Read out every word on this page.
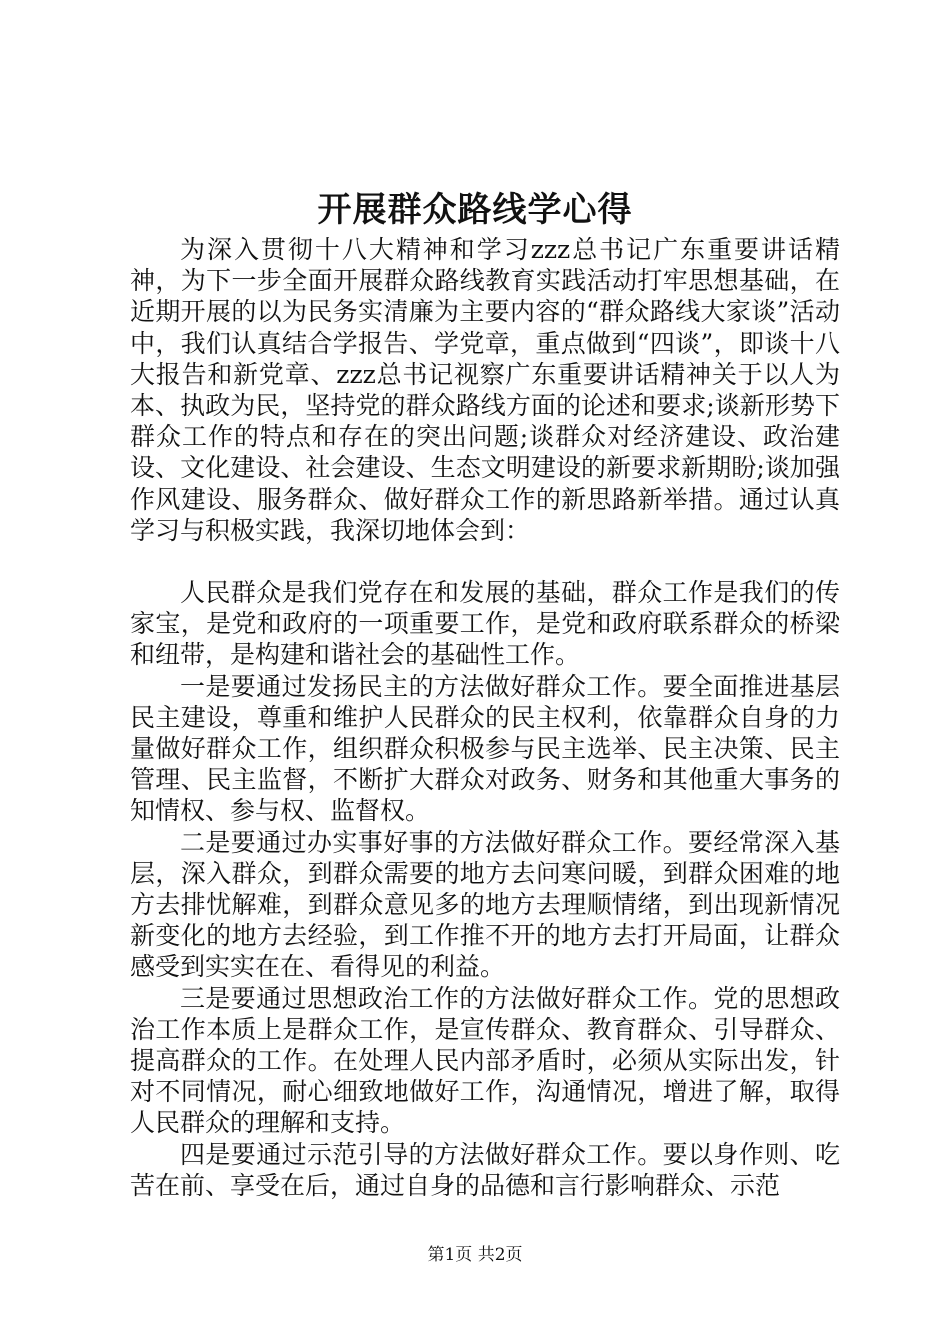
开展群众路线学心得

为深入贯彻十八大精神和学习zzz总书记广东重要讲话精神，为下一步全面开展群众路线教育实践活动打牢思想基础，在近期开展的以为民务实清廉为主要内容的“群众路线大家谈”活动中，我们认真结合学报告、学党章，重点做到“四谈”，即谈十八大报告和新党章、zzz总书记视察广东重要讲话精神关于以人为本、执政为民，坚持党的群众路线方面的论述和要求;谈新形势下群众工作的特点和存在的突出问题;谈群众对经济建设、政治建设、文化建设、社会建设、生态文明建设的新要求新期盼;谈加强作风建设、服务群众、做好群众工作的新思路新举措。通过认真学习与积极实践，我深切地体会到：

人民群众是我们党存在和发展的基础，群众工作是我们的传家宝，是党和政府的一项重要工作，是党和政府联系群众的桥梁和纽带，是构建和谐社会的基础性工作。

一是要通过发扬民主的方法做好群众工作。要全面推进基层民主建设，尊重和维护人民群众的民主权利，依靠群众自身的力量做好群众工作，组织群众积极参与民主选举、民主决策、民主管理、民主监督，不断扩大群众对政务、财务和其他重大事务的知情权、参与权、监督权。

二是要通过办实事好事的方法做好群众工作。要经常深入基层，深入群众，到群众需要的地方去问寒问暖，到群众困难的地方去排忧解难，到群众意见多的地方去理顺情绪，到出现新情况新变化的地方去经验，到工作推不开的地方去打开局面，让群众感受到实实在在、看得见的利益。

三是要通过思想政治工作的方法做好群众工作。党的思想政治工作本质上是群众工作，是宣传群众、教育群众、引导群众、提高群众的工作。在处理人民内部矛盾时，必须从实际出发，针对不同情况，耐心细致地做好工作，沟通情况，增进了解，取得人民群众的理解和支持。

四是要通过示范引导的方法做好群众工作。要以身作则、吃苦在前、享受在后，通过自身的品德和言行影响群众、示范

第1页 共2页
